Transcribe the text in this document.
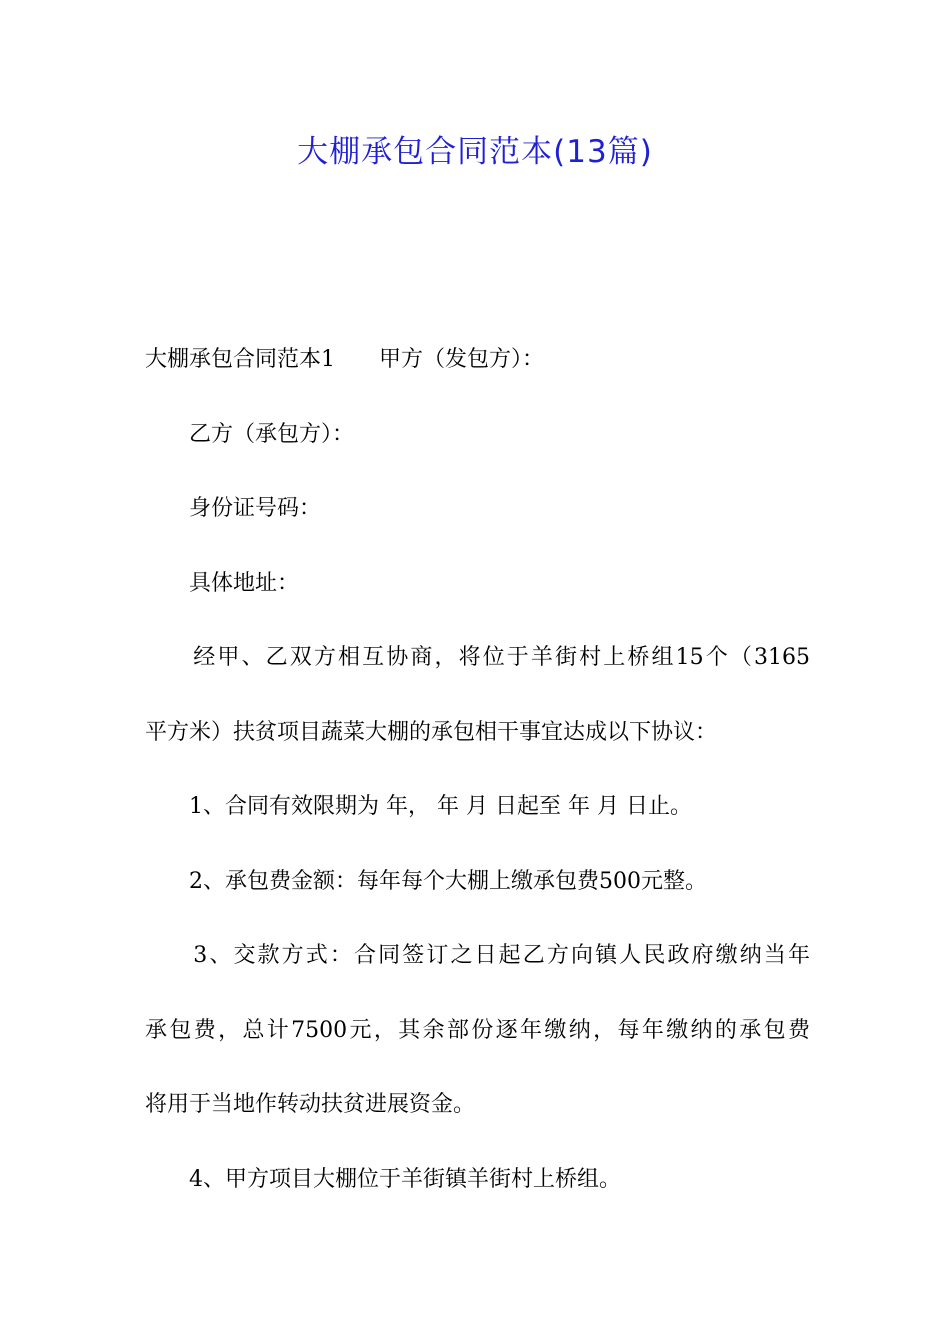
大棚承包合同范本(13篇)
大棚承包合同范本1　　甲方（发包方）：
　　乙方（承包方）：
　　身份证号码：
　　具体地址：
　　经甲、乙双方相互协商，将位于羊街村上桥组15个（3165
平方米）扶贫项目蔬菜大棚的承包相干事宜达成以下协议：
　　1、合同有效限期为 年， 年 月 日起至 年 月 日止。
　　2、承包费金额：每年每个大棚上缴承包费500元整。
　　3、交款方式：合同签订之日起乙方向镇人民政府缴纳当年
承包费，总计7500元，其余部份逐年缴纳，每年缴纳的承包费
将用于当地作转动扶贫进展资金。
　　4、甲方项目大棚位于羊街镇羊街村上桥组。
